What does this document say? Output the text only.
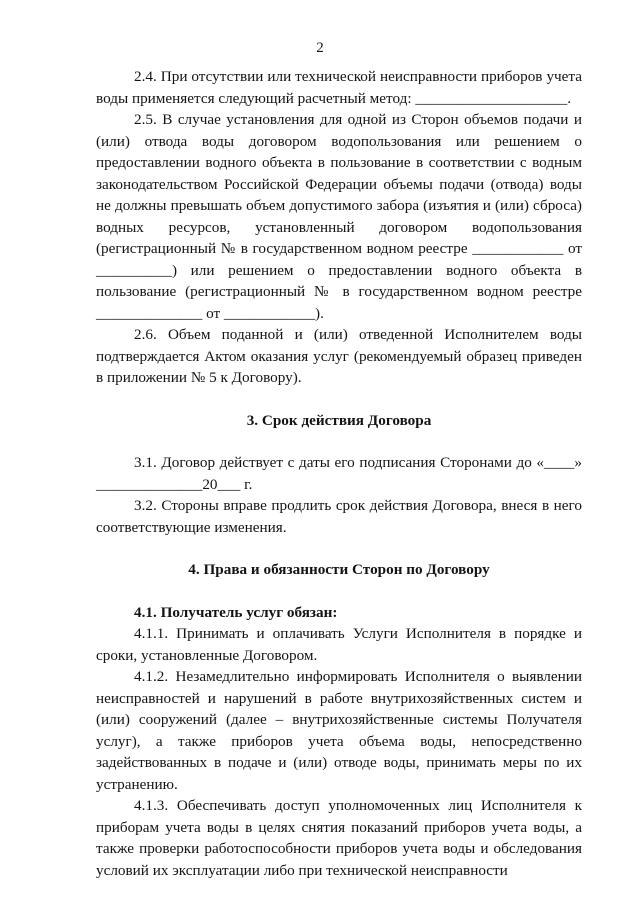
2

2.4. При отсутствии или технической неисправности приборов учета воды применяется следующий расчетный метод: ____________________.

2.5. В случае установления для одной из Сторон объемов подачи и (или) отвода воды договором водопользования или решением о предоставлении водного объекта в пользование в соответствии с водным законодательством Российской Федерации объемы подачи (отвода) воды не должны превышать объем допустимого забора (изъятия и (или) сброса) водных ресурсов, установленный договором водопользования (регистрационный № в государственном водном реестре ____________ от __________) или решением о предоставлении водного объекта в пользование (регистрационный № в государственном водном реестре ______________ от ____________).

2.6. Объем поданной и (или) отведенной Исполнителем воды подтверждается Актом оказания услуг (рекомендуемый образец приведен в приложении № 5 к Договору).

3. Срок действия Договора

3.1. Договор действует с даты его подписания Сторонами до «____» ______________20___ г.

3.2. Стороны вправе продлить срок действия Договора, внеся в него соответствующие изменения.

4. Права и обязанности Сторон по Договору

4.1. Получатель услуг обязан:

4.1.1. Принимать и оплачивать Услуги Исполнителя в порядке и сроки, установленные Договором.

4.1.2. Незамедлительно информировать Исполнителя о выявлении неисправностей и нарушений в работе внутрихозяйственных систем и (или) сооружений (далее – внутрихозяйственные системы Получателя услуг), а также приборов учета объема воды, непосредственно задействованных в подаче и (или) отводе воды, принимать меры по их устранению.

4.1.3. Обеспечивать доступ уполномоченных лиц Исполнителя к приборам учета воды в целях снятия показаний приборов учета воды, а также проверки работоспособности приборов учета воды и обследования условий их эксплуатации либо при технической неисправности
